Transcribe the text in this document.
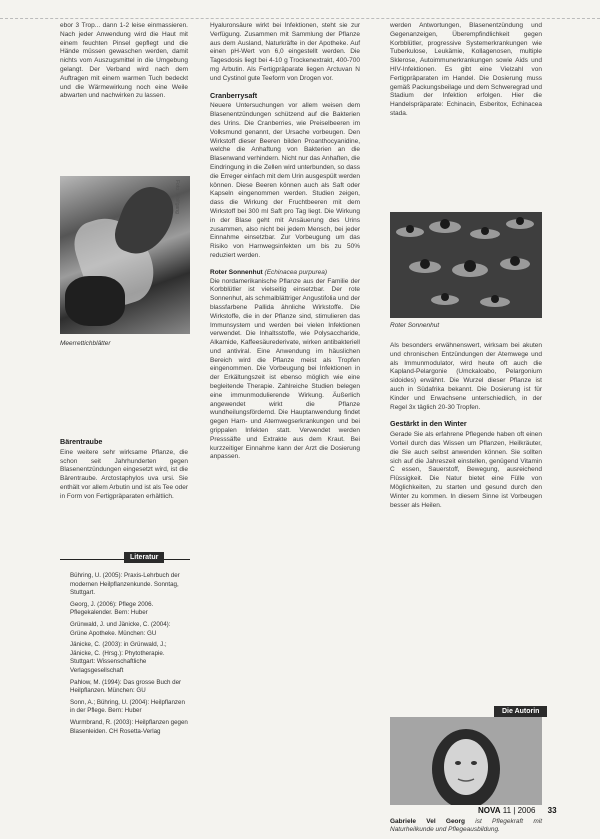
ebor 3 Trop... dann 1-2 leise einmassieren. Nach jeder Anwendung wird die Haut mit einem feuchten Pinsel gepflegt und die Hände müssen gewaschen werden, damit nichts vom Auszugsmittel in die Umgebung gelangt. Der Verband wird nach dem Auftragen mit einem warmen Tuch bedeckt und die Wärmewirkung noch eine Weile abwarten und nachwirken zu lassen.

Foto: Wolfgang
Meerrettichblätter
Bärentraube

Eine weitere sehr wirksame Pflanze, die schon seit Jahrhunderten gegen Blasenentzündungen eingesetzt wird, ist die Bärentraube. Arctostaphylos uva ursi. Sie enthält vor allem Arbutin und ist als Tee oder in Form von Fertigpräparaten erhältlich.

Literatur

Bühring, U. (2005): Praxis-Lehrbuch der modernen Heilpflanzenkunde. Sonntag, Stuttgart.

Georg, J. (2006): Pflege 2006. Pflegekalender. Bern: Huber

Grünwald, J. und Jänicke, C. (2004): Grüne Apotheke. München: GU

Jänicke, C. (2003): in Grünwald, J.; Jänicke, C. (Hrsg.): Phytotherapie. Stuttgart: Wissenschaftliche Verlagsgesellschaft

Pahlow, M. (1994): Das grosse Buch der Heilpflanzen. München: GU

Sonn, A.; Bühring, U. (2004): Heilpflanzen in der Pflege. Bern: Huber

Wurmbrand, R. (2003): Heilpflanzen gegen Blasenleiden. CH Rosetta-Verlag

Hyaluronsäure wirkt bei Infektionen, steht sie zur Verfügung. Zusammen mit Sammlung der Pflanze aus dem Ausland, Naturkräfte in der Apotheke. Auf einen pH-Wert von 6,0 eingestellt werden. Die Tagesdosis liegt bei 4-10 g Trockenextrakt, 400-700 mg Arbutin. Als Fertigpräparate liegen Arctuvan N und Cystinol gute Teeform von Drogen vor.

Cranberrysaft

Neuere Untersuchungen vor allem weisen dem Blasenentzündungen schützend auf die Bakterien des Urins. Die Cranberries, wie Preiselbeeren im Volksmund genannt, der Ursache vorbeugen. Den Wirkstoff dieser Beeren bilden Proanthocyanidine, welche die Anhaftung von Bakterien an die Blasenwand verhindern. Nicht nur das Anhaften, die Eindringung in die Zellen wird unterbunden, so dass die Erreger einfach mit dem Urin ausgespült werden können. Diese Beeren können auch als Saft oder Kapseln eingenommen werden. Studien zeigen, dass die Wirkung der Fruchtbeeren mit dem Wirkstoff bei 300 ml Saft pro Tag liegt. Die Wirkung in der Blase geht mit Ansäuerung des Urins zusammen, also nicht bei jedem Mensch, bei jeder Einnahme einsetzbar. Zur Vorbeugung um das Risiko von Harnwegsinfekten um bis zu 50% reduziert werden.

Roter Sonnenhut (Echinacea purpurea)

Die nordamerikanische Pflanze aus der Familie der Korbblütler ist vielseitig einsetzbar. Der rote Sonnenhut, als schmalblättriger Angustifolia und der blassfarbene Pallida ähnliche Wirkstoffe. Die Wirkstoffe, die in der Pflanze sind, stimulieren das Immunsystem und werden bei vielen Infektionen verwendet. Die Inhaltsstoffe, wie Polysaccharide, Alkamide, Kaffeesäurederivate, wirken antibakteriell und antiviral. Eine Anwendung im häuslichen Bereich wird die Pflanze meist als Tropfen eingenommen. Die Vorbeugung bei Infektionen in der Erkältungszeit ist ebenso möglich wie eine begleitende Therapie. Zahlreiche Studien belegen eine immunmodulierende Wirkung. Äußerlich angewendet wirkt die Pflanze wundheilungsfördernd. Die Hauptanwendung findet gegen Harn- und Atemwegserkrankungen und bei grippalen Infekten statt. Verwendet werden Presssäfte und Extrakte aus dem Kraut. Bei kurzzeitiger Einnahme kann der Arzt die Dosierung anpassen.

werden Antwortungen, Blasenentzündung und Gegenanzeigen, Überempfindlichkeit gegen Korbblütler, progressive Systemerkrankungen wie Tuberkulose, Leukämie, Kollagenosen, multiple Sklerose, Autoimmunerkrankungen sowie Aids und HIV-Infektionen. Es gibt eine Vielzahl von Fertigpräparaten im Handel. Die Dosierung muss gemäß Packungsbeilage und dem Schweregrad und Stadium der Infektion erfolgen. Hier die Handelspräparate: Echinacin, Esberitox, Echinacea stada.

Roter Sonnenhut

Als besonders erwähnenswert, wirksam bei akuten und chronischen Entzündungen der Atemwege und als Immunmodulator, wird heute oft auch die Kapland-Pelargonie (Umckaloabo, Pelargonium sidoides) erwähnt. Die Wurzel dieser Pflanze ist auch in Südafrika bekannt. Die Dosierung ist für Kinder und Erwachsene unterschiedlich, in der Regel 3x täglich 20-30 Tropfen.

Gestärkt in den Winter

Gerade Sie als erfahrene Pflegende haben oft einen Vorteil durch das Wissen um Pflanzen, Heilkräuter, die Sie auch selbst anwenden können. Sie sollten sich auf die Jahreszeit einstellen, genügend Vitamin C essen, Sauerstoff, Bewegung, ausreichend Flüssigkeit. Die Natur bietet eine Fülle von Möglichkeiten, zu starten und gesund durch den Winter zu kommen. In diesem Sinne ist Vorbeugen besser als Heilen.

Die Autorin
Gabriele Vel Georg ist Pflegekraft mit Naturheilkunde und Pflegeausbildung.
NOVA 11 | 2006 33
